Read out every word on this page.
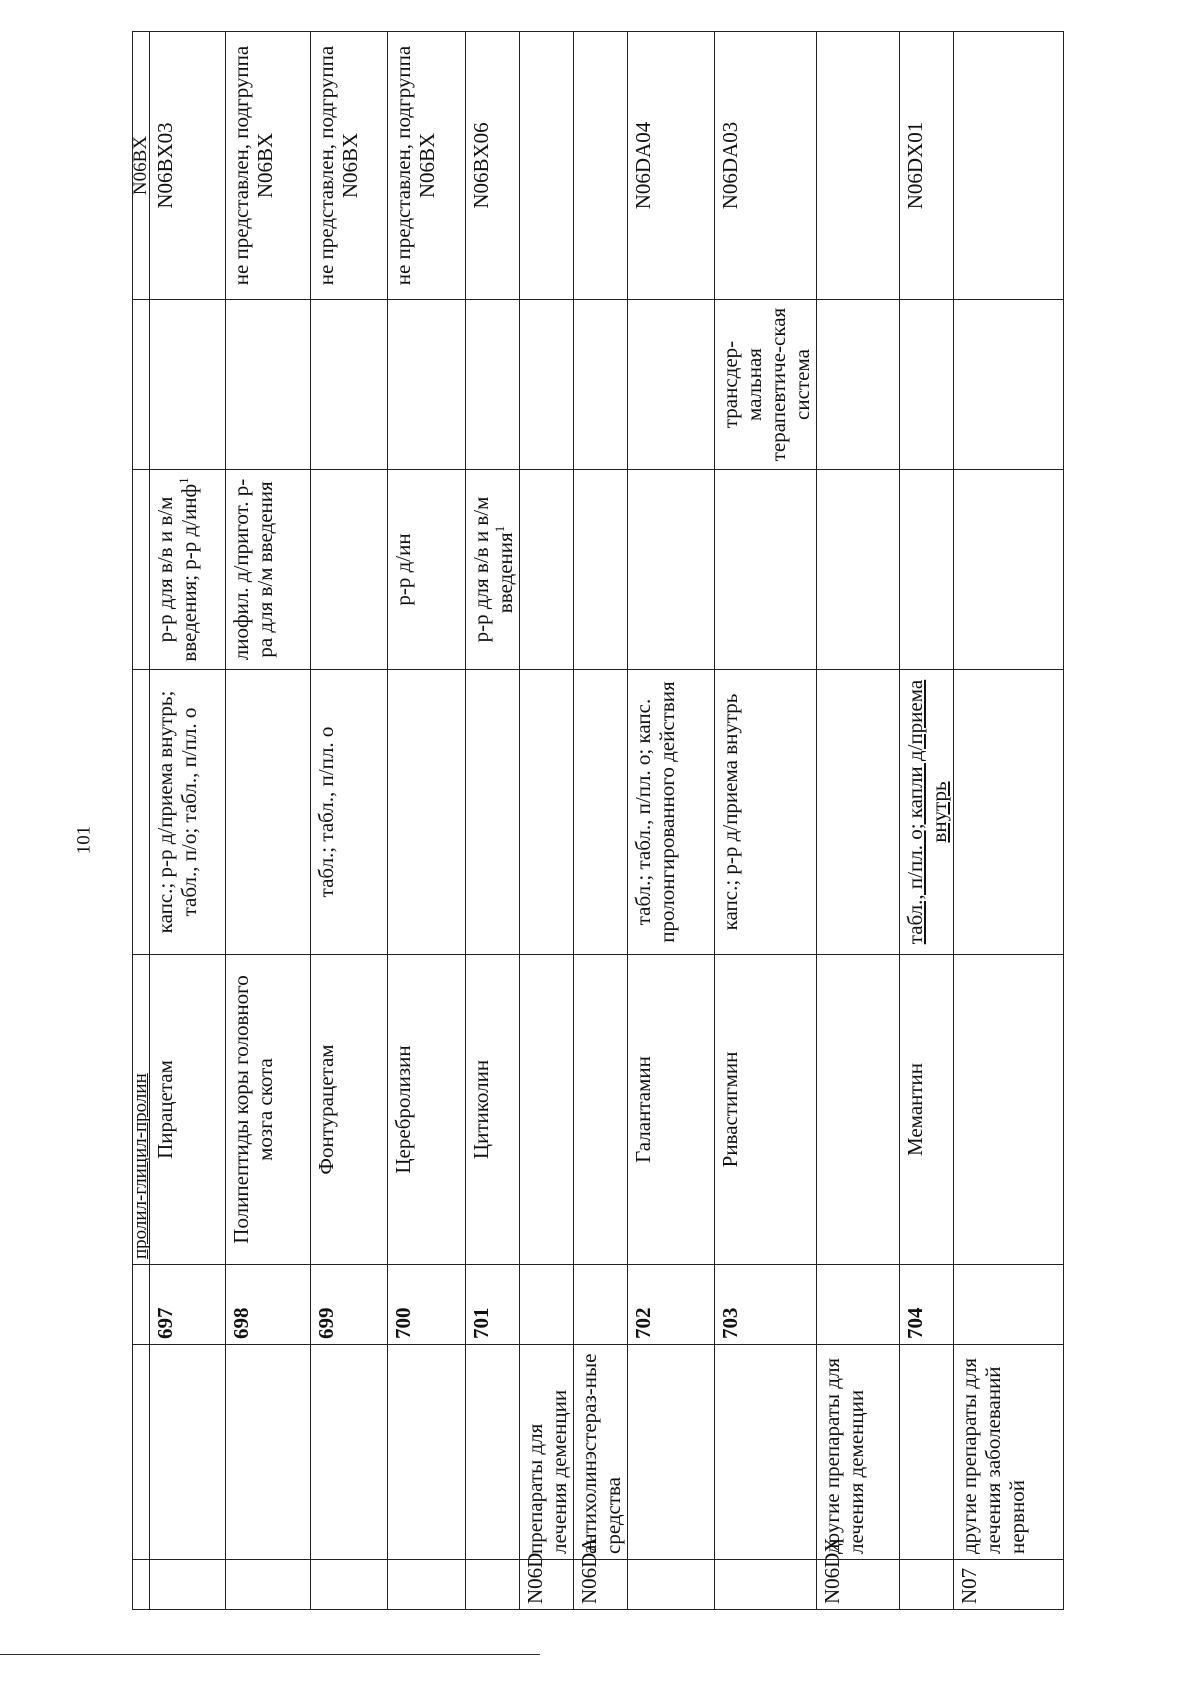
101
			пролил-глицил-пролин				N06BX
		697	Пирацетам	капс.; р-р д/приема внутрь; табл., п/о; табл., п/пл. о	р-р для в/в и в/м введения; р-р д/инф$^1$		N06BX03
		698	Полипептиды коры головного мозга скота		лиофил. д/пригот. р-ра для в/м введения		не представлен, подгруппа N06BX
		699	Фонтурацетам	табл.; табл., п/пл. о			не представлен, подгруппа N06BX
		700	Церебролизин		р-р д/ин		не представлен, подгруппа N06BX
		701	Цитиколин		р-р для в/в и в/м введения$^1$		N06BX06
N06D	препараты для лечения деменции						
N06DA	антихолинэстераз-ные средства						
		702	Галантамин	табл.; табл., п/пл. о; капс. пролонгированного действия			N06DA04
		703	Ривастигмин	капс.; р-р д/приема внутрь		трансдер-мальная терапевтиче-ская система	N06DA03
N06DX	другие препараты для лечения деменции						
		704	Мемантин	табл., п/пл. о; капли д/приема внутрь			N06DX01
N07	другие препараты для лечения заболеваний нервной						
